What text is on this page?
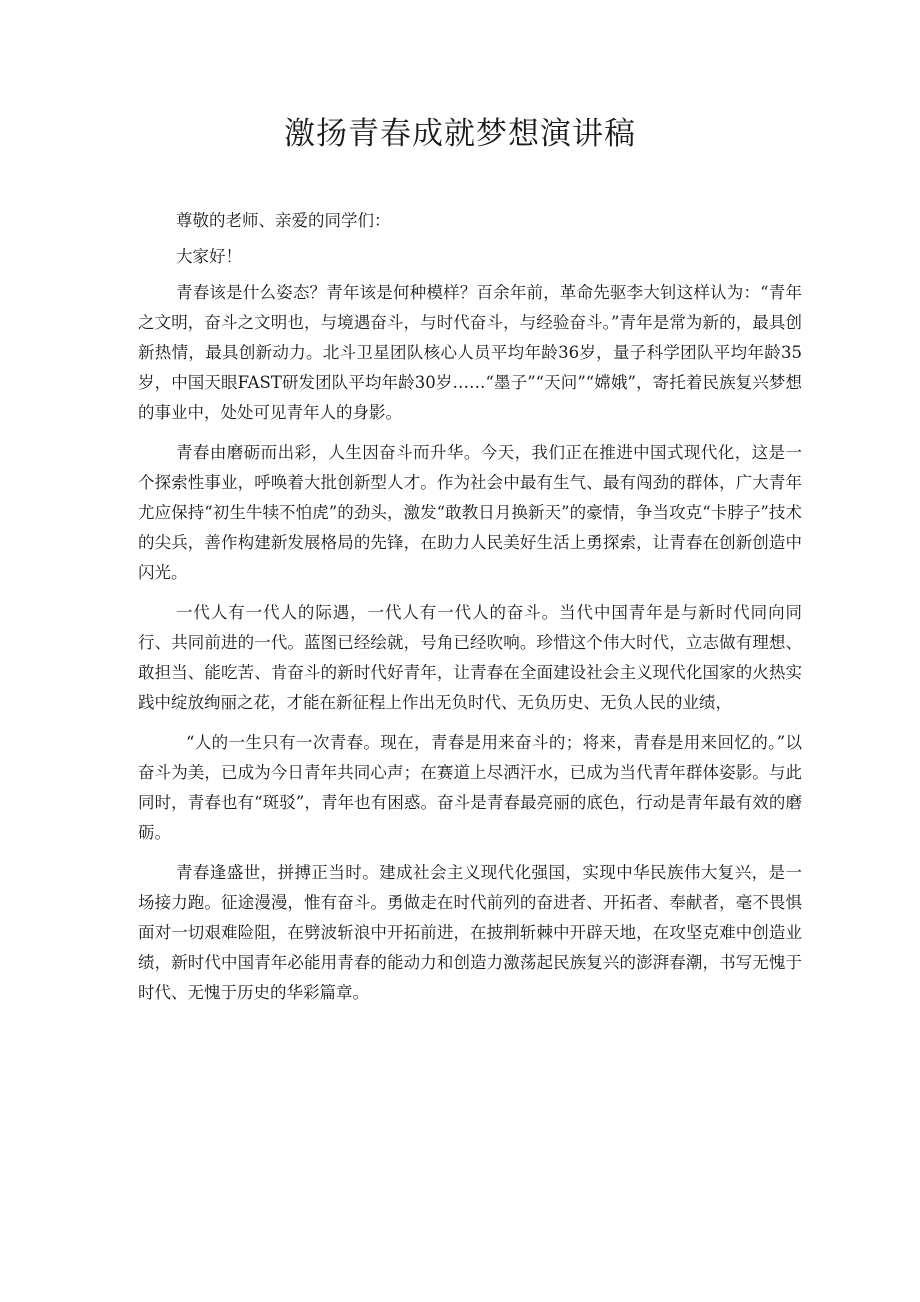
激扬青春成就梦想演讲稿

尊敬的老师、亲爱的同学们：

大家好！

青春该是什么姿态？青年该是何种模样？百余年前，革命先驱李大钊这样认为：“青年之文明，奋斗之文明也，与境遇奋斗，与时代奋斗，与经验奋斗。”青年是常为新的，最具创新热情，最具创新动力。北斗卫星团队核心人员平均年龄36岁，量子科学团队平均年龄35岁，中国天眼FAST研发团队平均年龄30岁……“墨子”“天问”“嫦娥”，寄托着民族复兴梦想的事业中，处处可见青年人的身影。

青春由磨砺而出彩，人生因奋斗而升华。今天，我们正在推进中国式现代化，这是一个探索性事业，呼唤着大批创新型人才。作为社会中最有生气、最有闯劲的群体，广大青年尤应保持“初生牛犊不怕虎”的劲头，激发“敢教日月换新天”的豪情，争当攻克“卡脖子”技术的尖兵，善作构建新发展格局的先锋，在助力人民美好生活上勇探索，让青春在创新创造中闪光。

一代人有一代人的际遇，一代人有一代人的奋斗。当代中国青年是与新时代同向同行、共同前进的一代。蓝图已经绘就，号角已经吹响。珍惜这个伟大时代，立志做有理想、敢担当、能吃苦、肯奋斗的新时代好青年，让青春在全面建设社会主义现代化国家的火热实践中绽放绚丽之花，才能在新征程上作出无负时代、无负历史、无负人民的业绩，

“人的一生只有一次青春。现在，青春是用来奋斗的；将来，青春是用来回忆的。”以奋斗为美，已成为今日青年共同心声；在赛道上尽洒汗水，已成为当代青年群体姿影。与此同时，青春也有“斑驳”，青年也有困惑。奋斗是青春最亮丽的底色，行动是青年最有效的磨砺。

青春逢盛世，拼搏正当时。建成社会主义现代化强国，实现中华民族伟大复兴，是一场接力跑。征途漫漫，惟有奋斗。勇做走在时代前列的奋进者、开拓者、奉献者，毫不畏惧面对一切艰难险阻，在劈波斩浪中开拓前进，在披荆斩棘中开辟天地，在攻坚克难中创造业绩，新时代中国青年必能用青春的能动力和创造力激荡起民族复兴的澎湃春潮，书写无愧于时代、无愧于历史的华彩篇章。
